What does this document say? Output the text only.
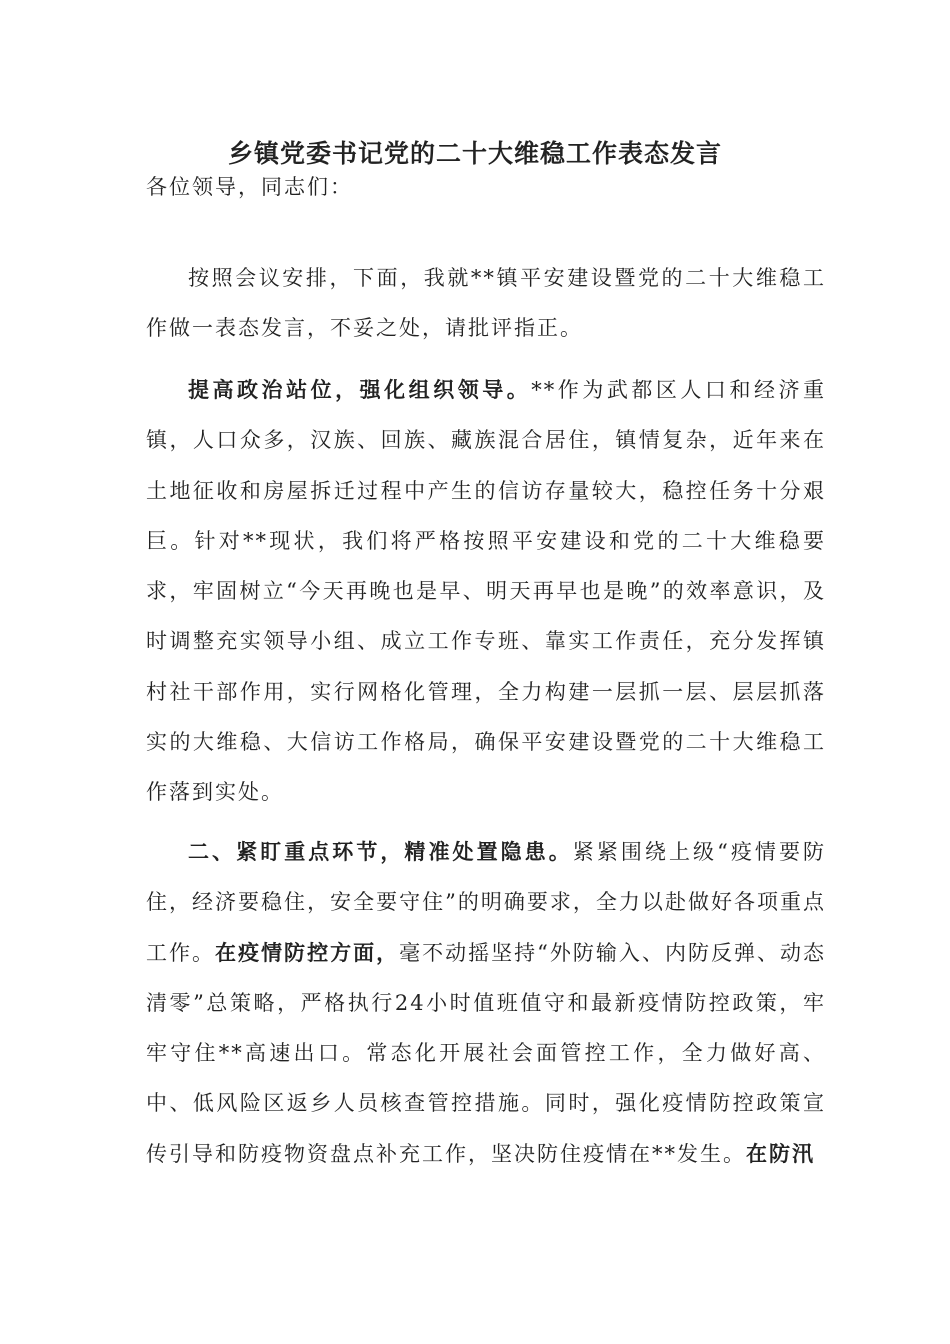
乡镇党委书记党的二十大维稳工作表态发言

各位领导，同志们：

按照会议安排，下面，我就**镇平安建设暨党的二十大维稳工作做一表态发言，不妥之处，请批评指正。

提高政治站位，强化组织领导。**作为武都区人口和经济重镇，人口众多，汉族、回族、藏族混合居住，镇情复杂，近年来在土地征收和房屋拆迁过程中产生的信访存量较大，稳控任务十分艰巨。针对**现状，我们将严格按照平安建设和党的二十大维稳要求，牢固树立“今天再晚也是早、明天再早也是晚”的效率意识，及时调整充实领导小组、成立工作专班、靠实工作责任，充分发挥镇村社干部作用，实行网格化管理，全力构建一层抓一层、层层抓落实的大维稳、大信访工作格局，确保平安建设暨党的二十大维稳工作落到实处。

二、紧盯重点环节，精准处置隐患。紧紧围绕上级“疫情要防住，经济要稳住，安全要守住”的明确要求，全力以赴做好各项重点工作。在疫情防控方面，毫不动摇坚持“外防输入、内防反弹、动态清零”总策略，严格执行24小时值班值守和最新疫情防控政策，牢牢守住**高速出口。常态化开展社会面管控工作，全力做好高、中、低风险区返乡人员核查管控措施。同时，强化疫情防控政策宣传引导和防疫物资盘点补充工作，坚决防住疫情在**发生。在防汛
